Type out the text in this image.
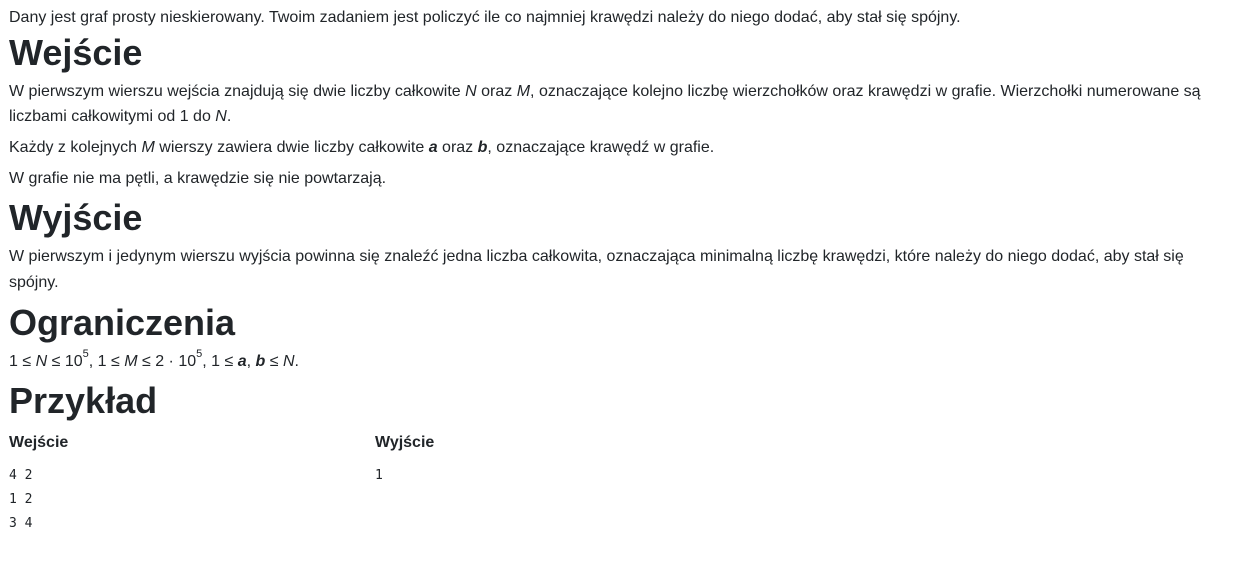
Dany jest graf prosty nieskierowany. Twoim zadaniem jest policzyć ile co najmniej krawędzi należy do niego dodać, aby stał się spójny.

Wejście

W pierwszym wierszu wejścia znajdują się dwie liczby całkowite N oraz M, oznaczające kolejno liczbę wierzchołków oraz krawędzi w grafie. Wierzchołki numerowane są liczbami całkowitymi od 1 do N.

Każdy z kolejnych M wierszy zawiera dwie liczby całkowite a oraz b, oznaczające krawędź w grafie.

W grafie nie ma pętli, a krawędzie się nie powtarzają.

Wyjście

W pierwszym i jedynym wierszu wyjścia powinna się znaleźć jedna liczba całkowita, oznaczająca minimalną liczbę krawędzi, które należy do niego dodać, aby stał się spójny.

Ograniczenia

$1 \le N \le 10^5$, $1 \le M \le 2 \cdot 10^5$, 1 ≤ a, b ≤ N.

Przykład
Wejście
4 2
1 2
3 4
Wyjście
1
